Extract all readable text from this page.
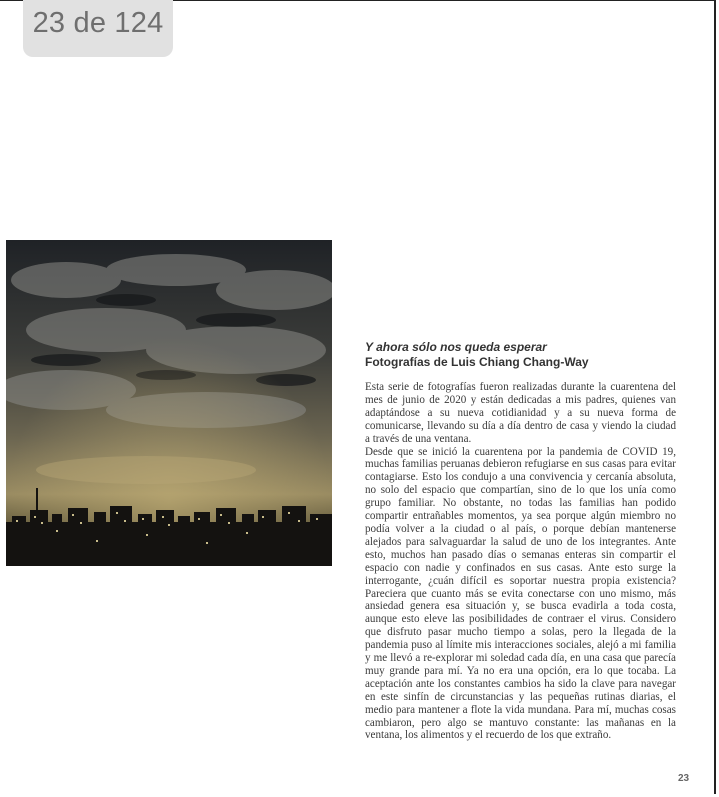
23 de 124
Y ahora sólo nos queda esperar
Fotografías de Luis Chiang Chang-Way

Esta serie de fotografías fueron realizadas durante la cuarentena del mes de junio de 2020 y están dedicadas a mis padres, quienes van adaptándose a su nueva cotidianidad y a su nueva forma de comunicarse, llevando su día a día dentro de casa y viendo la ciudad a través de una ventana.

Desde que se inició la cuarentena por la pandemia de COVID 19, muchas familias peruanas debieron refugiarse en sus casas para evitar contagiarse. Esto los condujo a una convivencia y cercanía absoluta, no solo del espacio que compartían, sino de lo que los unía como grupo familiar. No obstante, no todas las familias han podido compartir entrañables momentos, ya sea porque algún miembro no podía volver a la ciudad o al país, o porque debían mantenerse alejados para salvaguardar la salud de uno de los integrantes. Ante esto, muchos han pasado días o semanas enteras sin compartir el espacio con nadie y confinados en sus casas. Ante esto surge la interrogante, ¿cuán difícil es soportar nuestra propia existencia? Pareciera que cuanto más se evita conectarse con uno mismo, más ansiedad genera esa situación y, se busca evadirla a toda costa, aunque esto eleve las posibilidades de contraer el virus. Considero que disfruto pasar mucho tiempo a solas, pero la llegada de la pandemia puso al límite mis interacciones sociales, alejó a mi familia y me llevó a re-explorar mi soledad cada día, en una casa que parecía muy grande para mí. Ya no era una opción, era lo que tocaba. La aceptación ante los constantes cambios ha sido la clave para navegar en este sinfín de circunstancias y las pequeñas rutinas diarias, el medio para mantener a flote la vida mundana. Para mí, muchas cosas cambiaron, pero algo se mantuvo constante: las mañanas en la ventana, los alimentos y el recuerdo de los que extraño.

23
